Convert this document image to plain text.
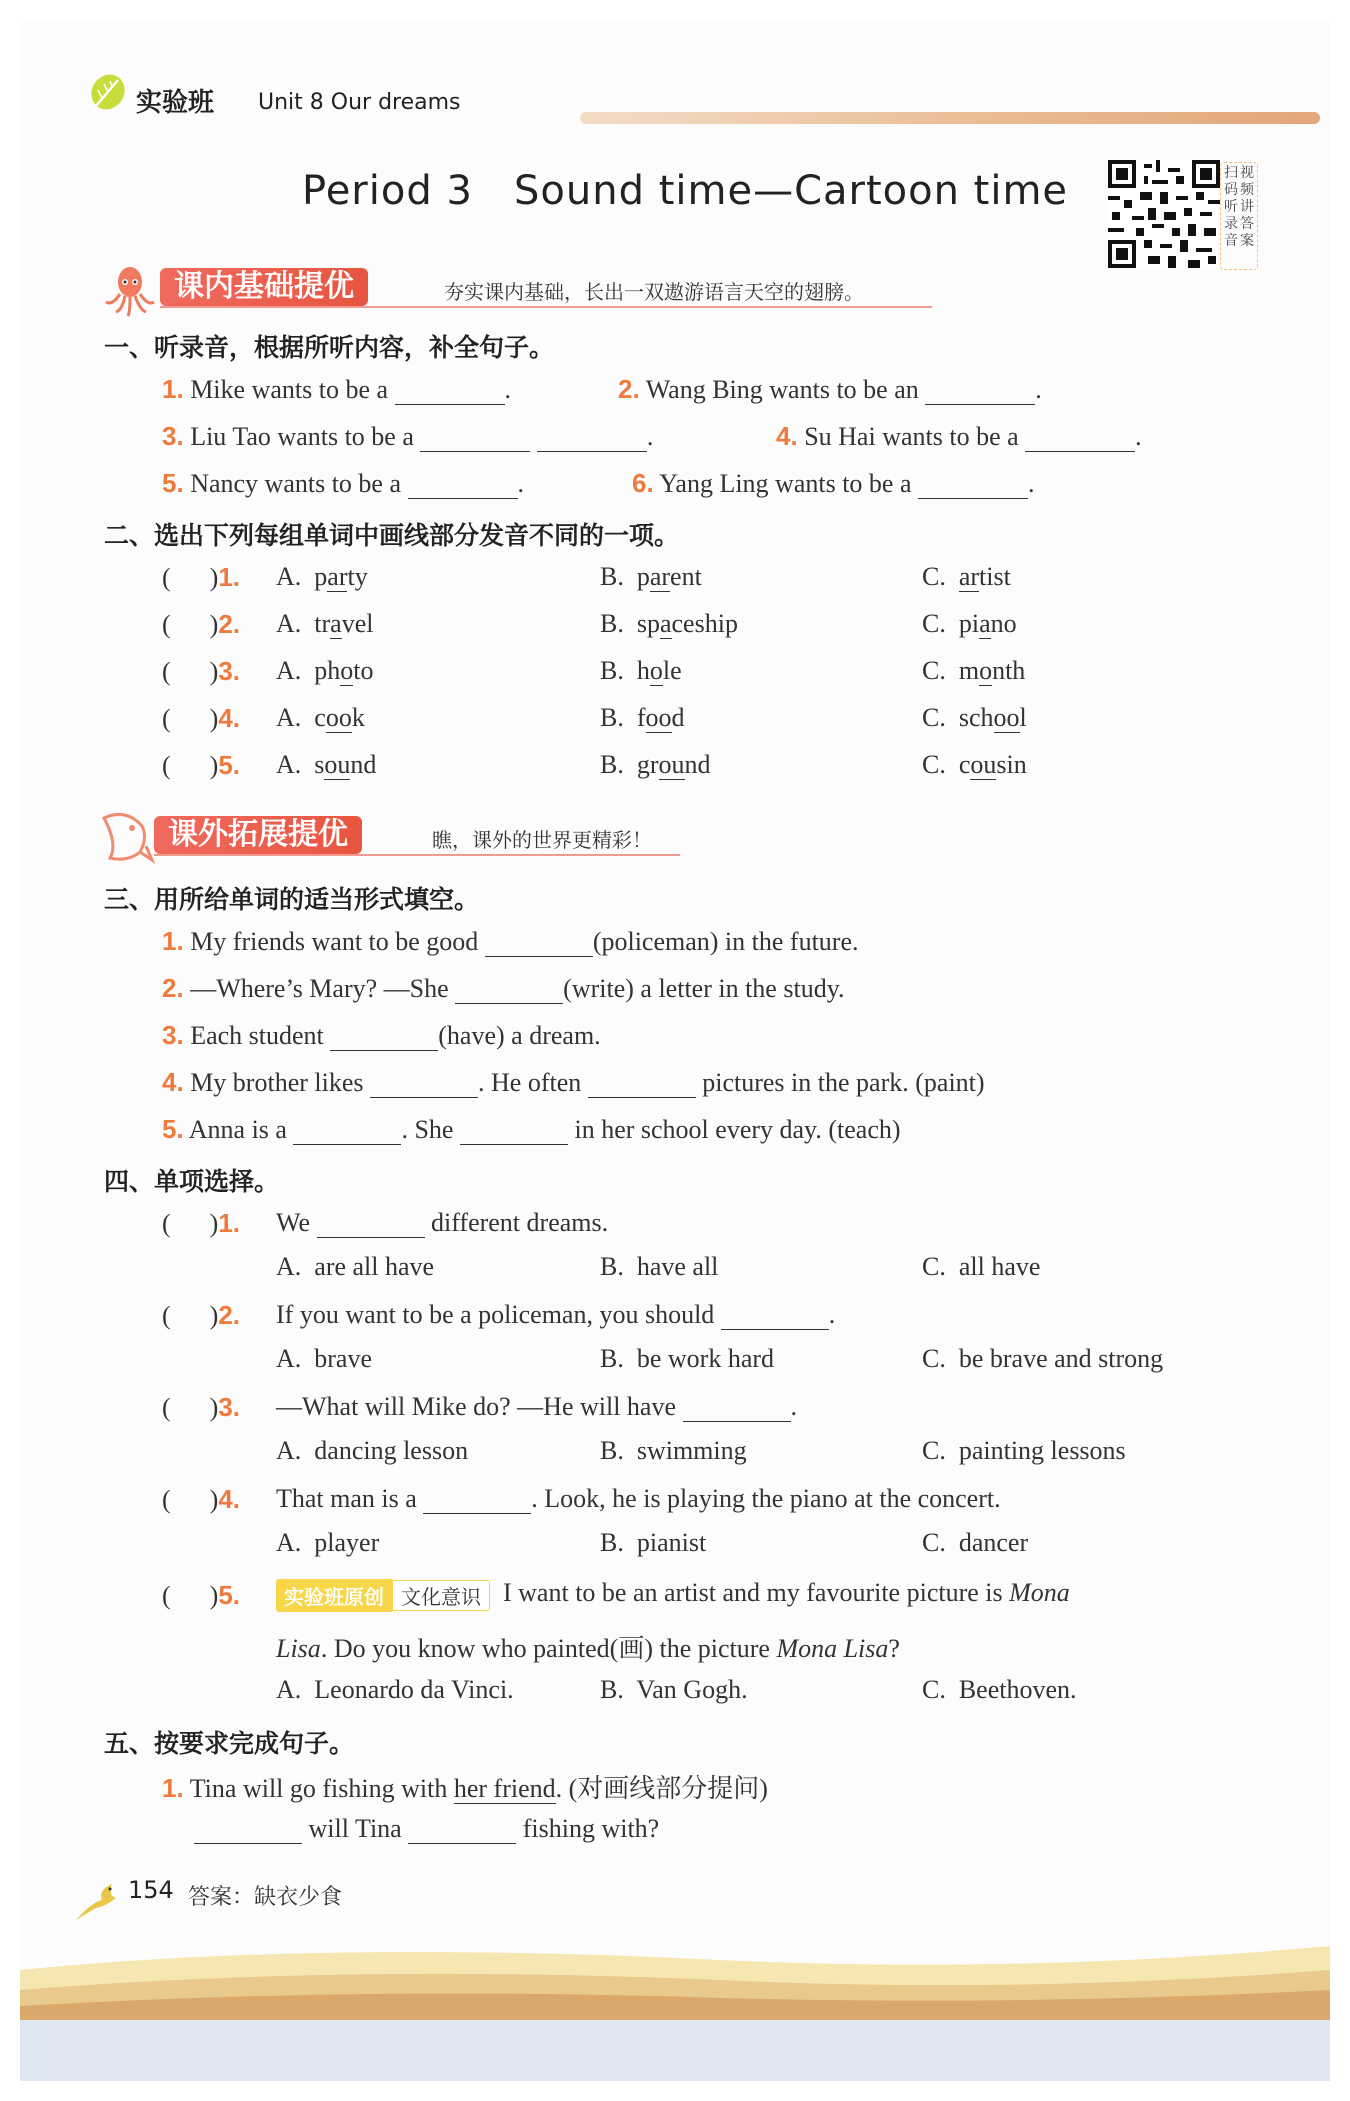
实验班 Unit 8 Our dreams
Period 3   Sound time—Cartoon time	扫
码
听
录
音
视
频
讲
答
案
课内基础提优	夯实课内基础，长出一双遨游语言天空的翅膀。
一、听录音，根据所听内容，补全句子。
1. Mike wants to be a	.	2. Wang Bing wants to be an	.
3. Liu Tao wants to be a	.	4. Su Hai wants to be a	.
5. Nancy wants to be a	.	6. Yang Ling wants to be a	.
二、选出下列每组单词中画线部分发音不同的一项。
(      )1. A.  party	B.  parent	C.  artist
(      )2. A.  travel	B.  spaceship	C.  piano
(      )3. A.  photo	B.  hole	C.  month
(      )4. A.  cook	B.  food	C.  school
(      )5. A.  sound	B.  ground	C.  cousin
课外拓展提优	瞧，课外的世界更精彩！
三、用所给单词的适当形式填空。
1. My friends want to be good	(policeman) in the future.
2. —Where’s Mary? —She	(write) a letter in the study.
3. Each student	(have) a dream.
4. My brother likes	. He often	pictures in the park. (paint)
5. Anna is a	. She	in her school every day. (teach)
四、单项选择。
(      )1. We	different dreams.
A.  are all have	B.  have all	C.  all have
(      )2. If you want to be a policeman, you should	.
A.  brave	B.  be work hard	C.  be brave and strong
(      )3. —What will Mike do? —He will have	.
A.  dancing lesson	B.  swimming	C.  painting lessons
(      )4. That man is a	. Look, he is playing the piano at the concert.
A.  player	B.  pianist	C.  dancer
(      )5.	实验班原创 文化意识 I want to be an artist and my favourite picture is Mona
Lisa. Do you know who painted(画) the picture Mona Lisa?
A.  Leonardo da Vinci.	B.  Van Gogh.	C.  Beethoven.
五、按要求完成句子。
1. Tina will go fishing with her friend. (对画线部分提问)
will Tina	fishing with?
154 答案：缺衣少食
